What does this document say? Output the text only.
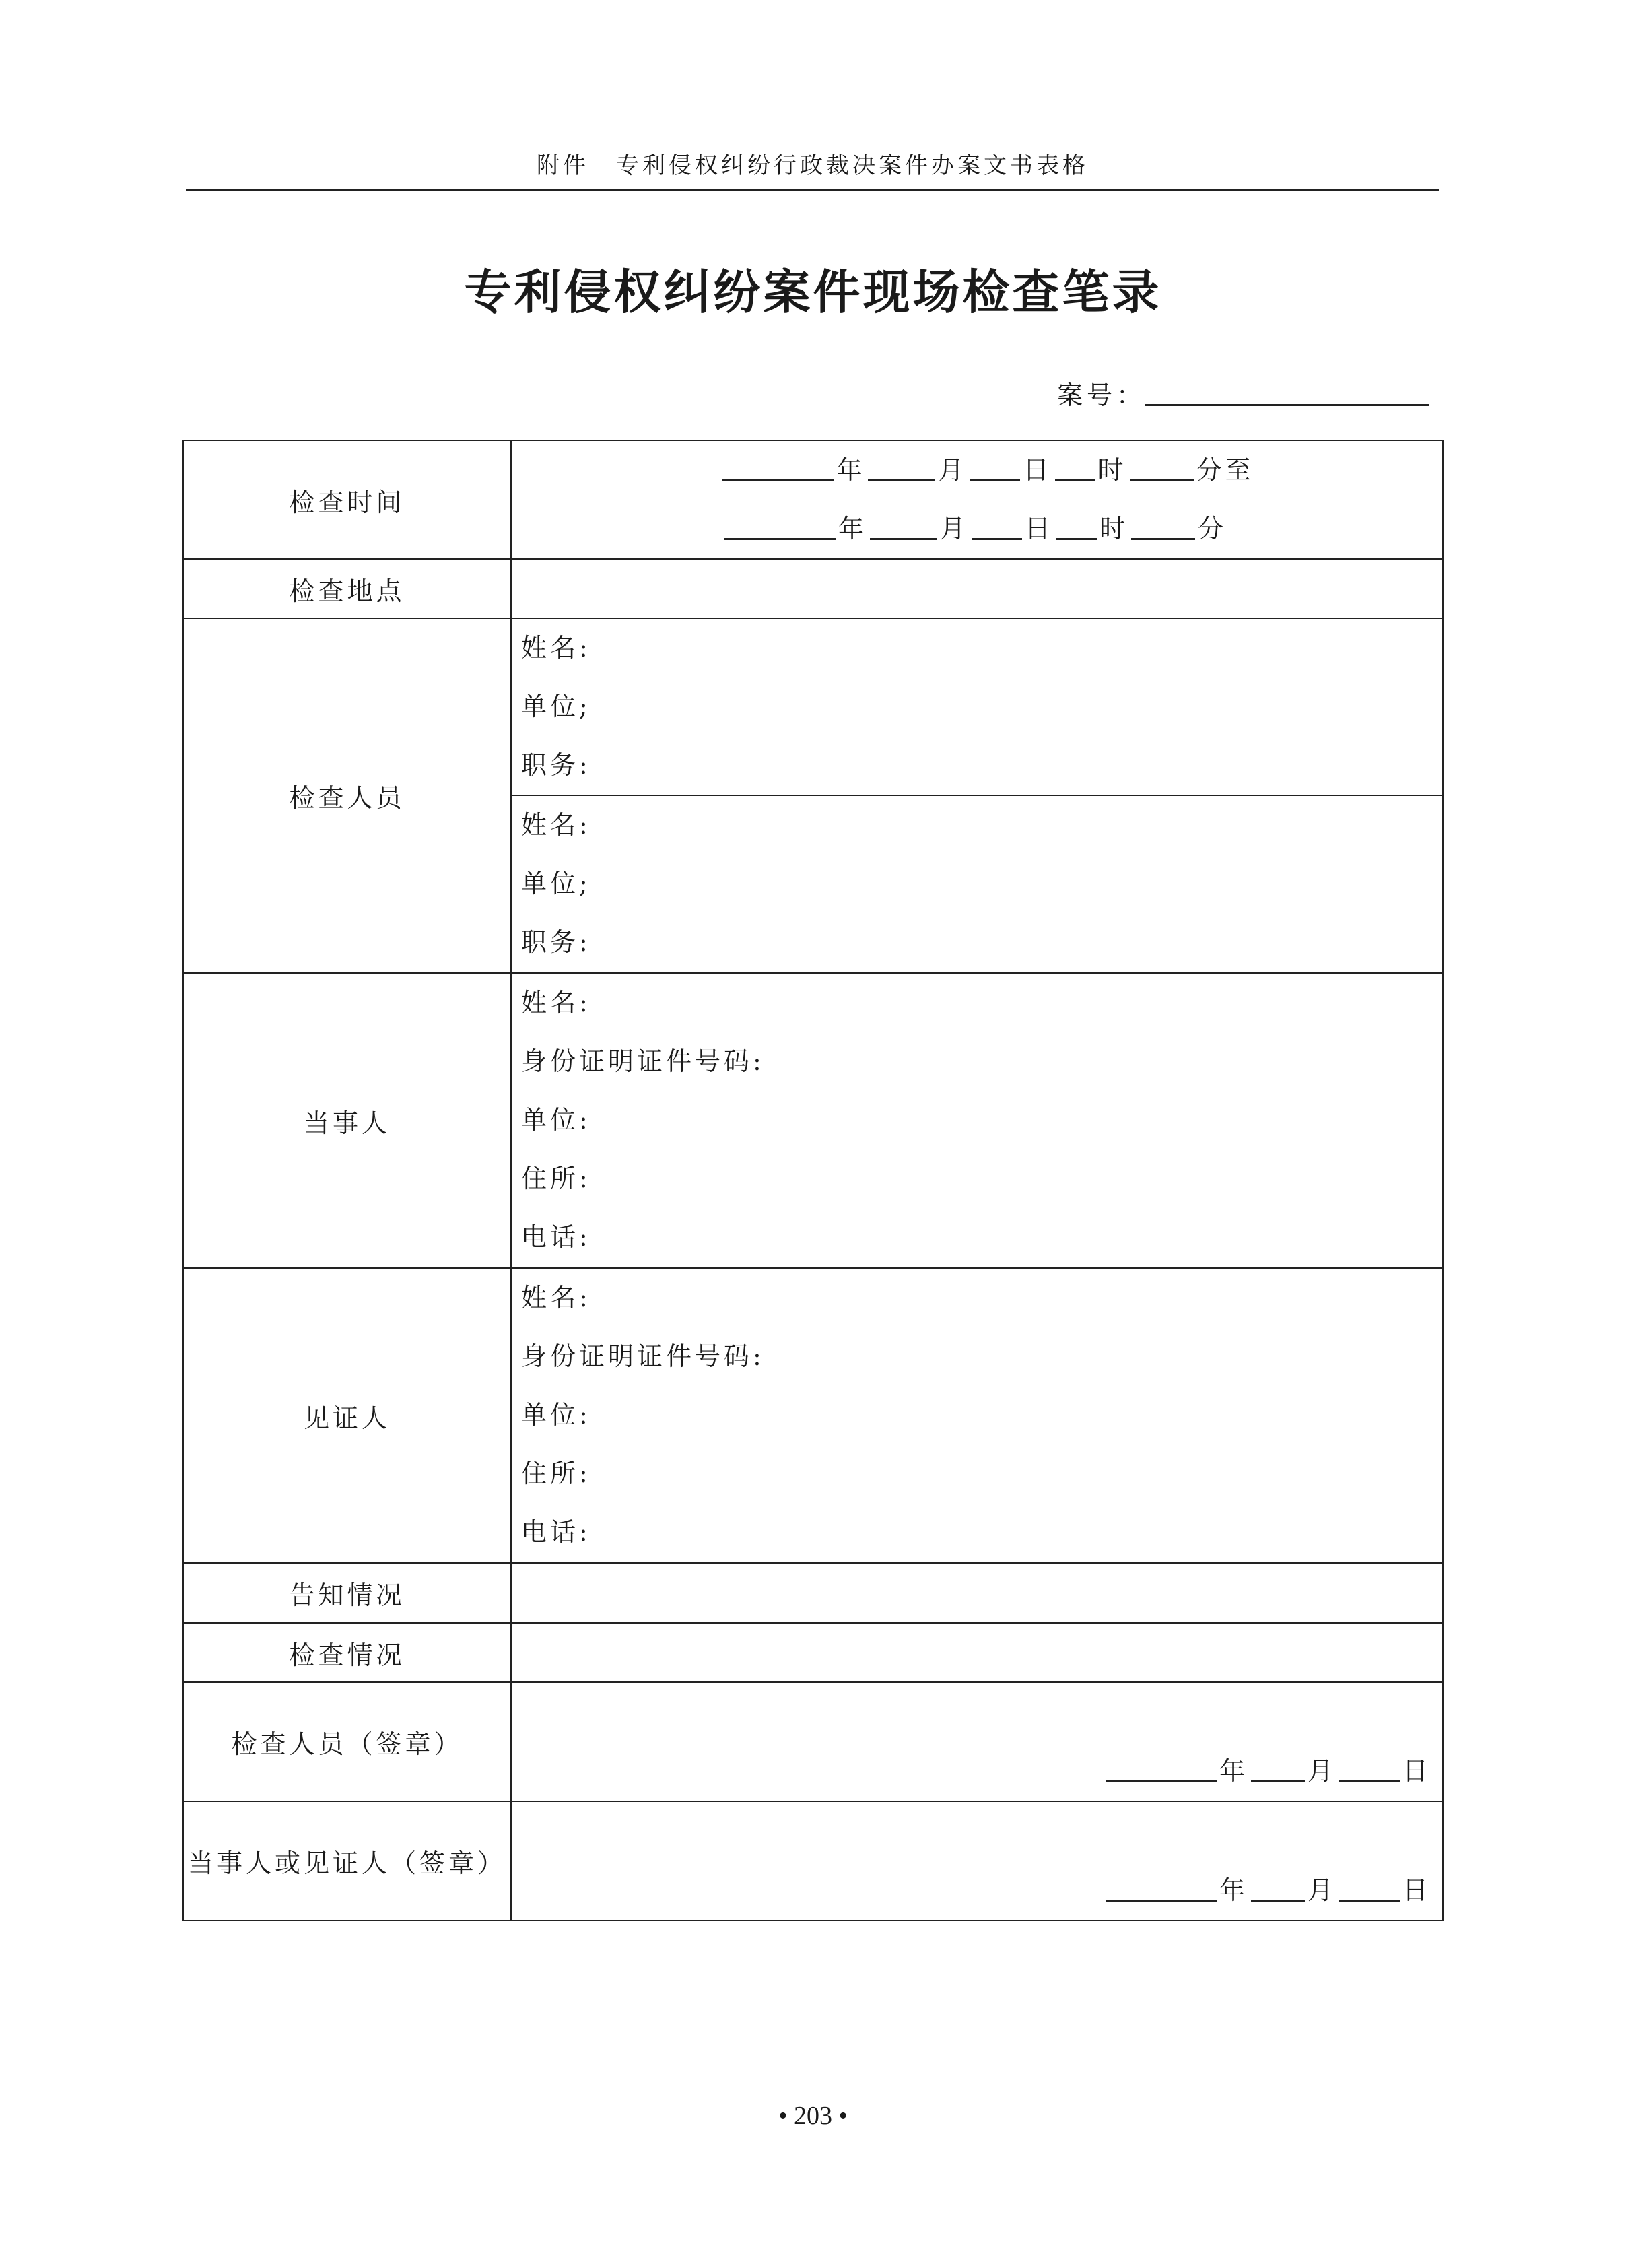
附件 专利侵权纠纷行政裁决案件办案文书表格
专利侵权纠纷案件现场检查笔录
案号：
检查时间	年 月 日 时 分至
年 月 日 时 分

检查地点	
检查人员	姓名:
单位;
职务:

	姓名:
单位;
职务:

当事人	姓名:
身份证明证件号码:
单位:
住所:
电话:

见证人	姓名:
身份证明证件号码:
单位:
住所:
电话:

告知情况	
检查情况	
检查人员（签章）	年 月 日

当事人或见证人（签章）	年 月 日
• 203 •
